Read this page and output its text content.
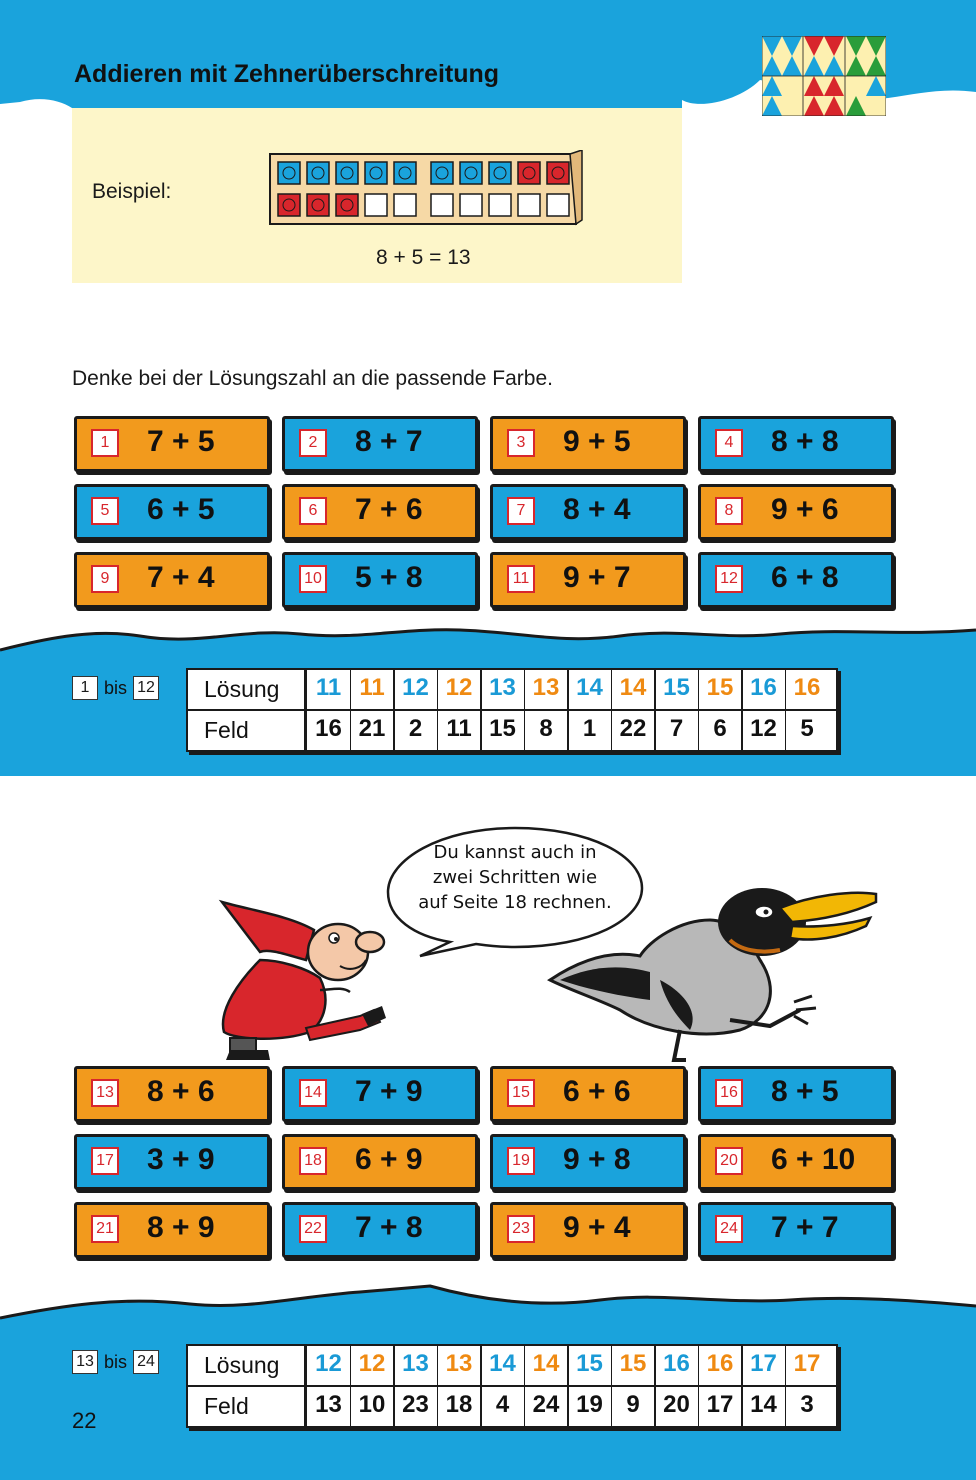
Addieren mit Zehnerüberschreitung
Beispiel:
8 + 5 = 13
Denke bei der Lösungszahl an die passende Farbe.
1	7 + 5	2	8 + 7	3	9 + 5	4	8 + 8
5	6 + 5	6	7 + 6	7	8 + 4	8	9 + 6
9	7 + 4	10 5 + 8	11 9 + 7	12 6 + 8
1 bis 12 Lösung
Feld
11 11 12 12 13 13 14 14 15 15 16 16
16 21 2	11 15 8	1 22 7	6 12 5
Du kannst auch in
zwei Schritten wie
auf Seite 18 rechnen.
13 8 + 6	14 7 + 9	15 6 + 6	16 8 + 5
17 3 + 9	18 6 + 9	19 9 + 8	20 6 + 10
21 8 + 9	22 7 + 8	23 9 + 4	24 7 + 7
13 bis 24 Lösung
Feld
12 12 13 13 14 14 15 15 16 16 17 17
13 10 23 18 4 24 19 9 20 17 14 3
22
